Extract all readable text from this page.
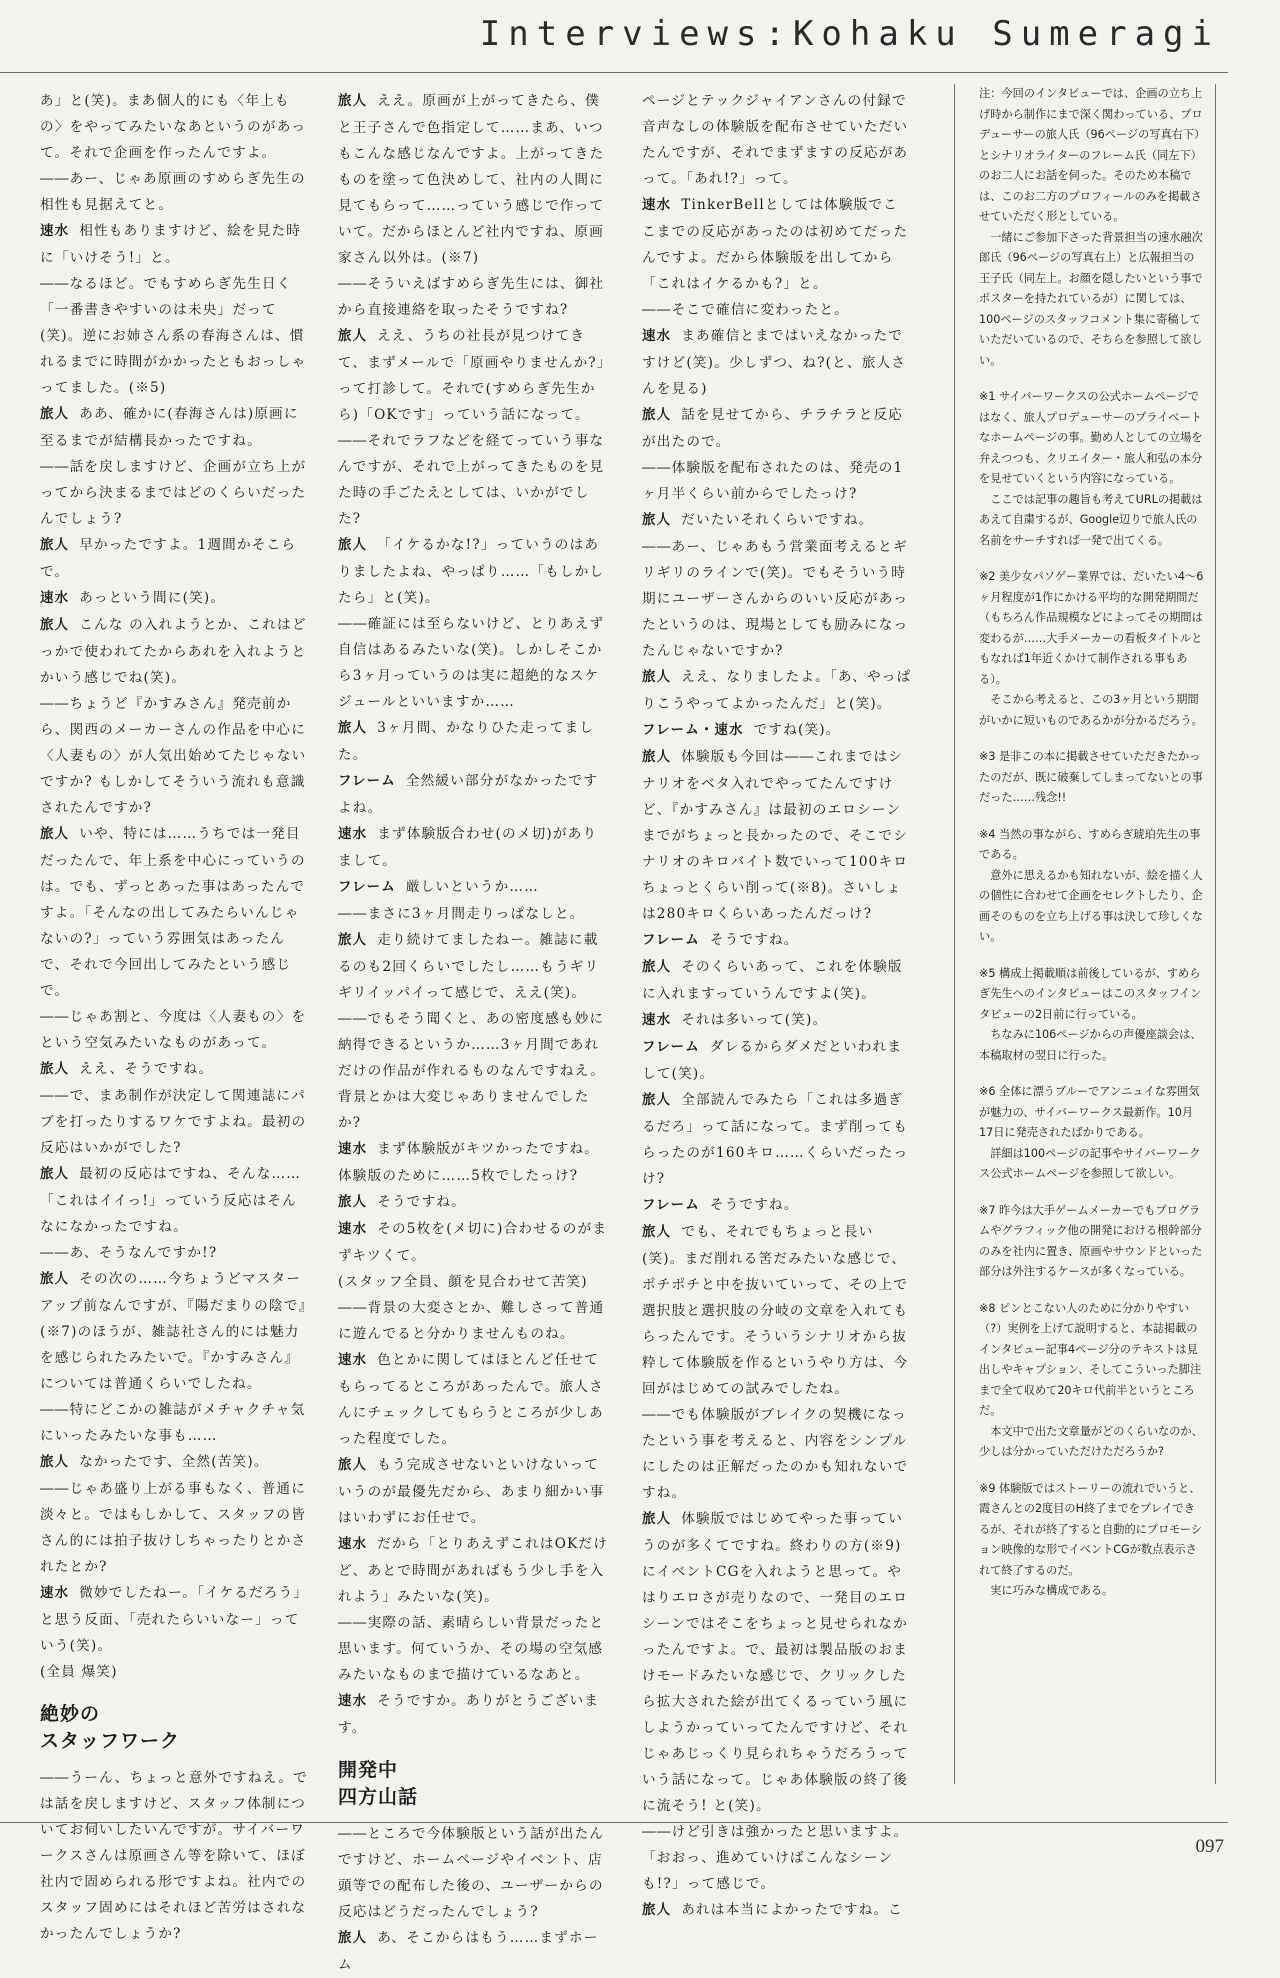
Interviews:Kohaku Sumeragi

あ」と(笑)。まあ個人的にも〈年上もの〉をやってみたいなあというのがあって。それで企画を作ったんですよ。

――あー、じゃあ原画のすめらぎ先生の相性も見据えてと。

速水 相性もありますけど、絵を見た時に「いけそう!」と。

――なるほど。でもすめらぎ先生日く「一番書きやすいのは未央」だって(笑)。逆にお姉さん系の春海さんは、慣れるまでに時間がかかったともおっしゃってました。(※5)

旅人 ああ、確かに(春海さんは)原画に至るまでが結構長かったですね。

――話を戻しますけど、企画が立ち上がってから決まるまではどのくらいだったんでしょう?

旅人 早かったですよ。1週間かそこらで。

速水 あっという間に(笑)。

旅人 こんな の入れようとか、これはどっかで使われてたからあれを入れようとかいう感じでね(笑)。

――ちょうど『かすみさん』発売前から、関西のメーカーさんの作品を中心に〈人妻もの〉が人気出始めてたじゃないですか? もしかしてそういう流れも意識されたんですか?

旅人 いや、特には……うちでは一発目だったんで、年上系を中心にっていうのは。でも、ずっとあった事はあったんですよ。「そんなの出してみたらいんじゃないの?」っていう雰囲気はあったんで、それで今回出してみたという感じで。

――じゃあ割と、今度は〈人妻もの〉をという空気みたいなものがあって。

旅人 ええ、そうですね。

――で、まあ制作が決定して関連誌にパブを打ったりするワケですよね。最初の反応はいかがでした?

旅人 最初の反応はですね、そんな……「これはイイっ!」っていう反応はそんなになかったですね。

――あ、そうなんですか!?

旅人 その次の……今ちょうどマスターアップ前なんですが、『陽だまりの陰で』(※7)のほうが、雑誌社さん的には魅力を感じられたみたいで。『かすみさん』については普通くらいでしたね。

――特にどこかの雑誌がメチャクチャ気にいったみたいな事も……

旅人 なかったです、全然(苦笑)。

――じゃあ盛り上がる事もなく、普通に淡々と。ではもしかして、スタッフの皆さん的には拍子抜けしちゃったりとかされたとか?

速水 微妙でしたねー。「イケるだろう」と思う反面、「売れたらいいなー」っていう(笑)。

(全員 爆笑)

絶妙の
スタッフワーク

――うーん、ちょっと意外ですねえ。では話を戻しますけど、スタッフ体制についてお伺いしたいんですが。サイバーワークスさんは原画さん等を除いて、ほぼ社内で固められる形ですよね。社内でのスタッフ固めにはそれほど苦労はされなかったんでしょうか?

旅人 ええ。原画が上がってきたら、僕と王子さんで色指定して……まあ、いつもこんな感じなんですよ。上がってきたものを塗って色決めして、社内の人間に見てもらって……っていう感じで作っていて。だからほとんど社内ですね、原画家さん以外は。(※7)

――そういえばすめらぎ先生には、御社から直接連絡を取ったそうですね?

旅人 ええ、うちの社長が見つけてきて、まずメールで「原画やりませんか?」って打診して。それで(すめらぎ先生から)「OKです」っていう話になって。

――それでラフなどを経てっていう事なんですが、それで上がってきたものを見た時の手ごたえとしては、いかがでした?

旅人 「イケるかな!?」っていうのはありましたよね、やっぱり……「もしかしたら」と(笑)。

――確証には至らないけど、とりあえず自信はあるみたいな(笑)。しかしそこから3ヶ月っていうのは実に超絶的なスケジュールといいますか……

旅人 3ヶ月間、かなりひた走ってました。

フレーム 全然緩い部分がなかったですよね。

速水 まず体験版合わせ(のメ切)がありまして。

フレーム 厳しいというか……

――まさに3ヶ月間走りっぱなしと。

旅人 走り続けてましたねー。雑誌に載るのも2回くらいでしたし……もうギリギリイッパイって感じで、ええ(笑)。

――でもそう聞くと、あの密度感も妙に納得できるというか……3ヶ月間であれだけの作品が作れるものなんですねえ。背景とかは大変じゃありませんでしたか?

速水 まず体験版がキツかったですね。体験版のために……5枚でしたっけ?

旅人 そうですね。

速水 その5枚を(メ切に)合わせるのがまずキツくて。

(スタッフ全員、顔を見合わせて苦笑)

――背景の大変さとか、難しさって普通に遊んでると分かりませんものね。

速水 色とかに関してはほとんど任せてもらってるところがあったんで。旅人さんにチェックしてもらうところが少しあった程度でした。

旅人 もう完成させないといけないっていうのが最優先だから、あまり細かい事はいわずにお任せで。

速水 だから「とりあえずこれはOKだけど、あとで時間があればもう少し手を入れよう」みたいな(笑)。

――実際の話、素晴らしい背景だったと思います。何ていうか、その場の空気感みたいなものまで描けているなあと。

速水 そうですか。ありがとうございます。

開発中
四方山話

――ところで今体験版という話が出たんですけど、ホームページやイベント、店頭等での配布した後の、ユーザーからの反応はどうだったんでしょう?

旅人 あ、そこからはもう……まずホーム

ページとテックジャイアンさんの付録で音声なしの体験版を配布させていただいたんですが、それでまずますの反応があって。「あれ!?」って。

速水 TinkerBellとしては体験版でここまでの反応があったのは初めてだったんですよ。だから体験版を出してから「これはイケるかも?」と。

――そこで確信に変わったと。

速水 まあ確信とまではいえなかったですけど(笑)。少しずつ、ね?(と、旅人さんを見る)

旅人 話を見せてから、チラチラと反応が出たので。

――体験版を配布されたのは、発売の1ヶ月半くらい前からでしたっけ?

旅人 だいたいそれくらいですね。

――あー、じゃあもう営業面考えるとギリギリのラインで(笑)。でもそういう時期にユーザーさんからのいい反応があったというのは、現場としても励みになったんじゃないですか?

旅人 ええ、なりましたよ。「あ、やっぱりこうやってよかったんだ」と(笑)。

フレーム・速水 ですね(笑)。

旅人 体験版も今回は――これまではシナリオをベタ入れでやってたんですけど、『かすみさん』は最初のエロシーンまでがちょっと長かったので、そこでシナリオのキロバイト数でいって100キロちょっとくらい削って(※8)。さいしょは280キロくらいあったんだっけ?

フレーム そうですね。

旅人 そのくらいあって、これを体験版に入れますっていうんですよ(笑)。

速水 それは多いって(笑)。

フレーム ダレるからダメだといわれまして(笑)。

旅人 全部読んでみたら「これは多過ぎるだろ」って話になって。まず削ってもらったのが160キロ……くらいだったっけ?

フレーム そうですね。

旅人 でも、それでもちょっと長い(笑)。まだ削れる筈だみたいな感じで、ポチポチと中を抜いていって、その上で選択肢と選択肢の分岐の文章を入れてもらったんです。そういうシナリオから抜粋して体験版を作るというやり方は、今回がはじめての試みでしたね。

――でも体験版がブレイクの契機になったという事を考えると、内容をシンプルにしたのは正解だったのかも知れないですね。

旅人 体験版ではじめてやった事っていうのが多くてですね。終わりの方(※9)にイベントCGを入れようと思って。やはりエロさが売りなので、一発目のエロシーンではそこをちょっと見せられなかったんですよ。で、最初は製品版のおまけモードみたいな感じで、クリックしたら拡大された絵が出てくるっていう風にしようかっていってたんですけど、それじゃあじっくり見られちゃうだろうっていう話になって。じゃあ体験版の終了後に流そう! と(笑)。

――けど引きは強かったと思いますよ。「おおっ、進めていけばこんなシーンも!?」って感じで。

旅人 あれは本当によかったですね。こ

注：今回のインタビューでは、企画の立ち上げ時から制作にまで深く関わっている、プロデューサーの旅人氏（96ページの写真右下）とシナリオライターのフレーム氏（同左下）のお二人にお話を伺った。そのため本稿では、このお二方のプロフィールのみを掲載させていただく形としている。

一緒にご参加下さった背景担当の速水融次郎氏（96ページの写真右上）と広報担当の王子氏（同左上。お顔を隠したいという事でポスターを持たれているが）に関しては、100ページのスタッフコメント集に寄稿していただいているので、そちらを参照して欲しい。

※1 サイバーワークスの公式ホームページではなく、旅人プロデューサーのプライベートなホームページの事。勤め人としての立場を弁えつつも、クリエイター・旅人和弘の本分を見せていくという内容になっている。

ここでは記事の趣旨も考えてURLの掲載はあえて自粛するが、Google辺りで旅人氏の名前をサーチすれば一発で出てくる。

※2 美少女パソゲー業界では、だいたい4～6ヶ月程度が1作にかける平均的な開発期間だ（もちろん作品規模などによってその期間は変わるが……大手メーカーの看板タイトルともなれば1年近くかけて制作される事もある）。

そこから考えると、この3ヶ月という期間がいかに短いものであるかが分かるだろう。

※3 是非この本に掲載させていただきたかったのだが、既に破棄してしまってないとの事だった……残念!!

※4 当然の事ながら、すめらぎ琥珀先生の事である。

意外に思えるかも知れないが、絵を描く人の個性に合わせて企画をセレクトしたり、企画そのものを立ち上げる事は決して珍しくない。

※5 構成上掲載順は前後しているが、すめらぎ先生へのインタビューはこのスタッフインタビューの2日前に行っている。

ちなみに106ページからの声優座談会は、本稿取材の翌日に行った。

※6 全体に漂うブルーでアンニュイな雰囲気が魅力の、サイバーワークス最新作。10月17日に発売されたばかりである。

詳細は100ページの記事やサイバーワークス公式ホームページを参照して欲しい。

※7 昨今は大手ゲームメーカーでもプログラムやグラフィック他の開発における根幹部分のみを社内に置き、原画やサウンドといった部分は外注するケースが多くなっている。

※8 ピンとこない人のために分かりやすい（?）実例を上げて説明すると、本誌掲載のインタビュー記事4ページ分のテキストは見出しやキャプション、そしてこういった脚注まで全て収めて20キロ代前半というところだ。

本文中で出た文章量がどのくらいなのか、少しは分かっていただけただろうか?

※9 体験版ではストーリーの流れでいうと、霞さんとの2度目のH終了までをプレイできるが、それが終了すると自動的にプロモーション映像的な形でイベントCGが数点表示されて終了するのだ。

実に巧みな構成である。

097
